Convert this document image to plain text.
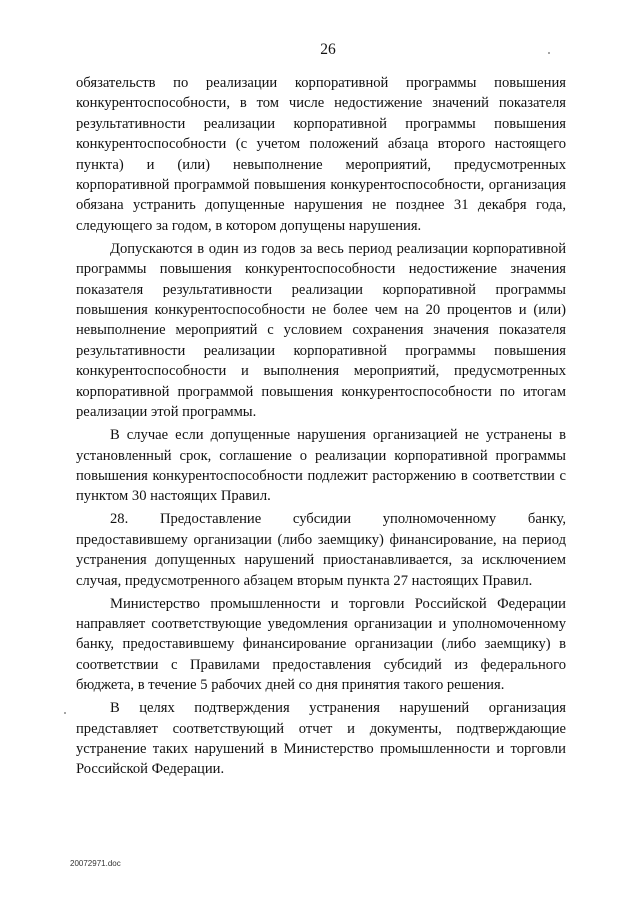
26

обязательств по реализации корпоративной программы повышения конкурентоспособности, в том числе недостижение значений показателя результативности реализации корпоративной программы повышения конкурентоспособности (с учетом положений абзаца второго настоящего пункта) и (или) невыполнение мероприятий, предусмотренных корпоративной программой повышения конкурентоспособности, организация обязана устранить допущенные нарушения не позднее 31 декабря года, следующего за годом, в котором допущены нарушения.

Допускаются в один из годов за весь период реализации корпоративной программы повышения конкурентоспособности недостижение значения показателя результативности реализации корпоративной программы повышения конкурентоспособности не более чем на 20 процентов и (или) невыполнение мероприятий с условием сохранения значения показателя результативности реализации корпоративной программы повышения конкурентоспособности и выполнения мероприятий, предусмотренных корпоративной программой повышения конкурентоспособности по итогам реализации этой программы.

В случае если допущенные нарушения организацией не устранены в установленный срок, соглашение о реализации корпоративной программы повышения конкурентоспособности подлежит расторжению в соответствии с пунктом 30 настоящих Правил.

28. Предоставление субсидии уполномоченному банку, предоставившему организации (либо заемщику) финансирование, на период устранения допущенных нарушений приостанавливается, за исключением случая, предусмотренного абзацем вторым пункта 27 настоящих Правил.

Министерство промышленности и торговли Российской Федерации направляет соответствующие уведомления организации и уполномоченному банку, предоставившему финансирование организации (либо заемщику) в соответствии с Правилами предоставления субсидий из федерального бюджета, в течение 5 рабочих дней со дня принятия такого решения.

В целях подтверждения устранения нарушений организация представляет соответствующий отчет и документы, подтверждающие устранение таких нарушений в Министерство промышленности и торговли Российской Федерации.

20072971.doc
